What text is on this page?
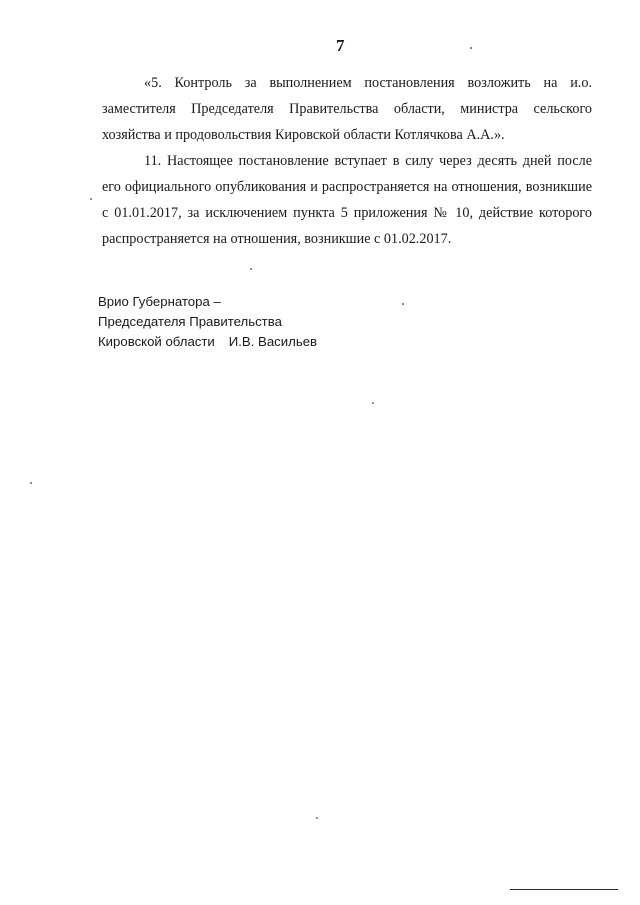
7
«5. Контроль за выполнением постановления возложить на и.о. заместителя Председателя Правительства области, министра сельского хозяйства и продовольствия Кировской области Котлячкова А.А.».
11. Настоящее постановление вступает в силу через десять дней после его официального опубликования и распространяется на отношения, возникшие с 01.01.2017, за исключением пункта 5 приложения № 10, действие которого распространяется на отношения, возникшие с 01.02.2017.
Врио Губернатора –
Председателя Правительства
Кировской области И.В. Васильев
